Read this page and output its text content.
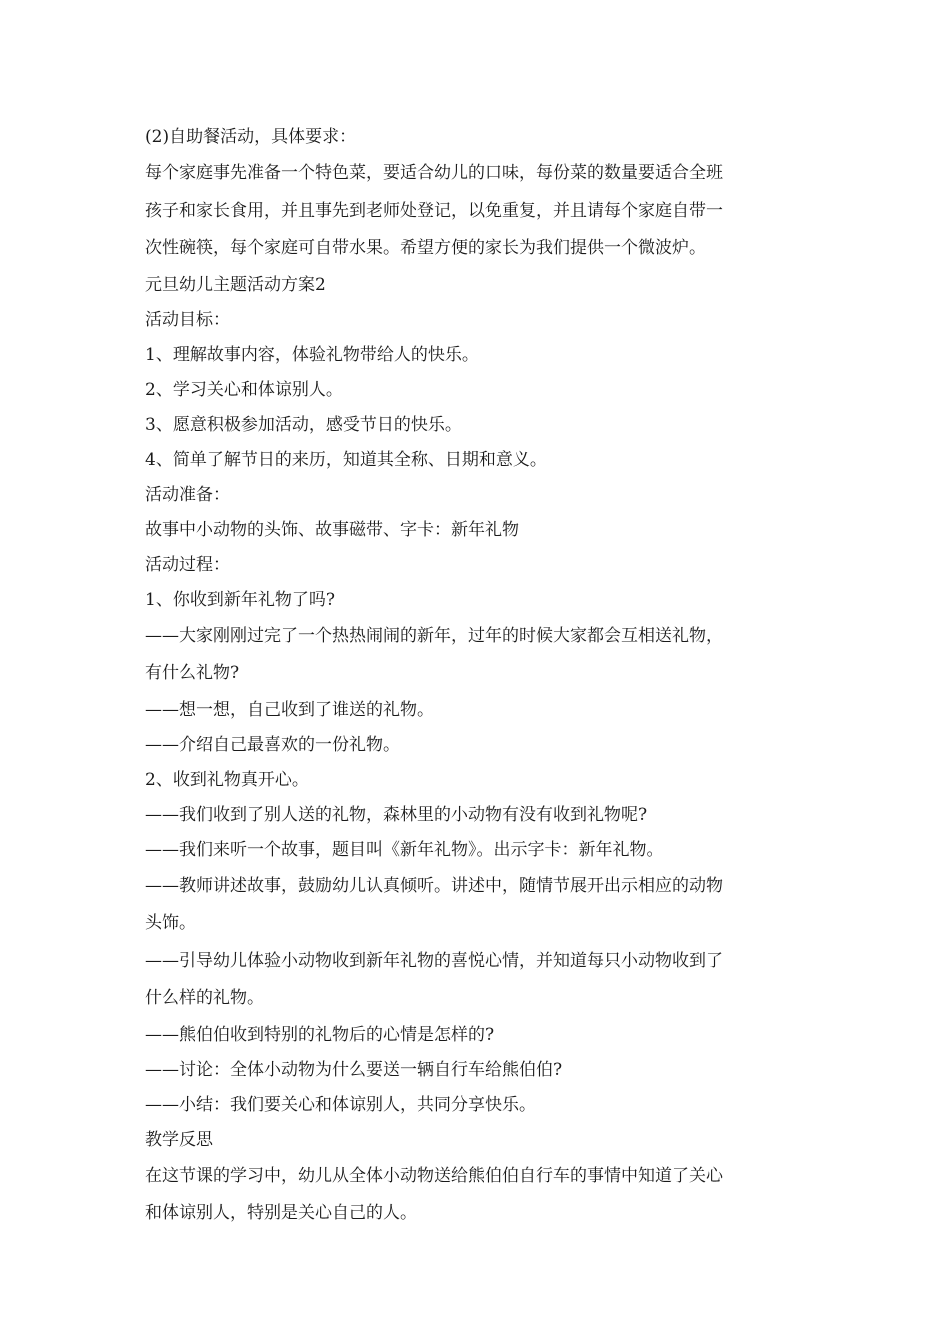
(2)自助餐活动，具体要求：
每个家庭事先准备一个特色菜，要适合幼儿的口味，每份菜的数量要适合全班
孩子和家长食用，并且事先到老师处登记，以免重复，并且请每个家庭自带一
次性碗筷，每个家庭可自带水果。希望方便的家长为我们提供一个微波炉。
元旦幼儿主题活动方案2
活动目标：
1、理解故事内容，体验礼物带给人的快乐。
2、学习关心和体谅别人。
3、愿意积极参加活动，感受节日的快乐。
4、简单了解节日的来历，知道其全称、日期和意义。
活动准备：
故事中小动物的头饰、故事磁带、字卡：新年礼物
活动过程：
1、你收到新年礼物了吗?
——大家刚刚过完了一个热热闹闹的新年，过年的时候大家都会互相送礼物，
有什么礼物?
——想一想，自己收到了谁送的礼物。
——介绍自己最喜欢的一份礼物。
2、收到礼物真开心。
——我们收到了别人送的礼物，森林里的小动物有没有收到礼物呢?
——我们来听一个故事，题目叫《新年礼物》。出示字卡：新年礼物。
——教师讲述故事，鼓励幼儿认真倾听。讲述中，随情节展开出示相应的动物
头饰。
——引导幼儿体验小动物收到新年礼物的喜悦心情，并知道每只小动物收到了
什么样的礼物。
——熊伯伯收到特别的礼物后的心情是怎样的?
——讨论：全体小动物为什么要送一辆自行车给熊伯伯?
——小结：我们要关心和体谅别人，共同分享快乐。
教学反思
在这节课的学习中，幼儿从全体小动物送给熊伯伯自行车的事情中知道了关心
和体谅别人，特别是关心自己的人。
